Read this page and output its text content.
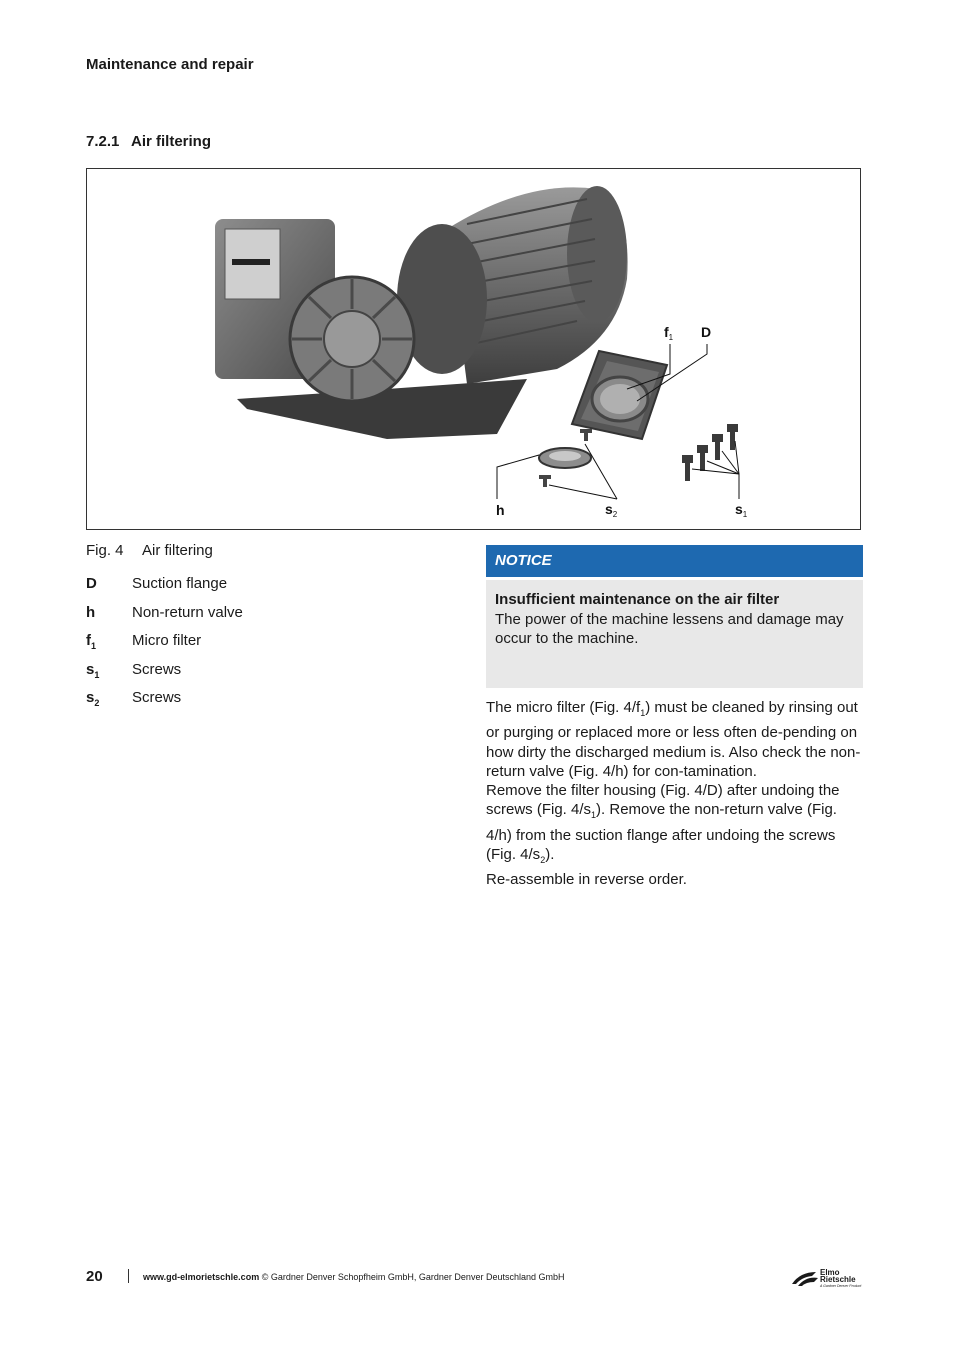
Maintenance and repair
7.2.1 Air filtering
$f_1$ D
h	$s_2$	$s_1$
Fig. 4 Air filtering
D	Suction flange
h	Non-return valve
$f_1$	Micro filter
$s_1$	Screws
$s_2$	Screws
NOTICE
Insufficient maintenance on the air filter
The power of the machine lessens and damage may occur to the machine.

The micro filter (Fig. $4/f_1$) must be cleaned by rinsing out or purging or replaced more or less often de-pending on how dirty the discharged medium is. Also check the non-return valve (Fig. 4/h) for con-tamination.

Remove the filter housing (Fig. 4/D) after undoing the screws (Fig. $4/s_1$). Remove the non-return valve (Fig. 4/h) from the suction flange after undoing the screws (Fig. $4/s_2$).

Re-assemble in reverse order.

20	www.gd-elmorietschle.com © Gardner Denver Schopfheim GmbH, Gardner Denver Deutschland GmbH	Elmo
Rietschle
A Gardner Denver Product
